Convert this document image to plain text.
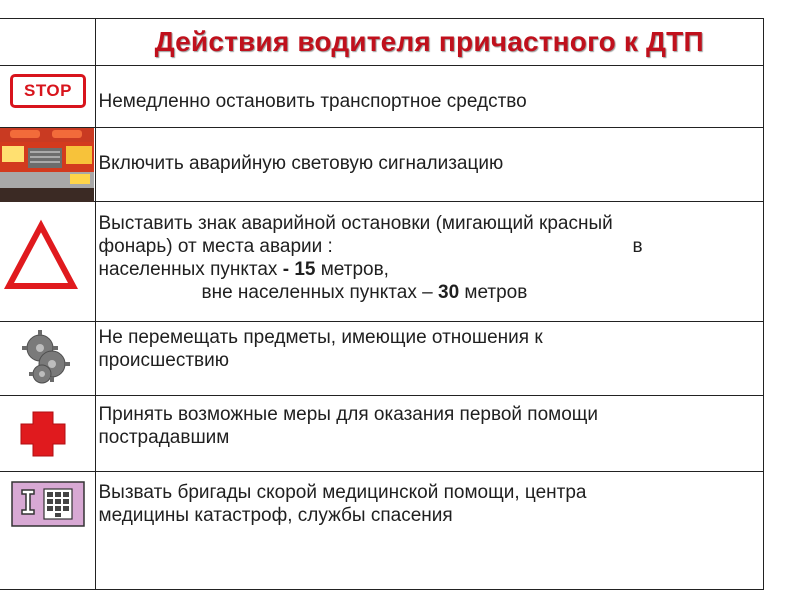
	Действия водителя причастного к ДТП

STOP	Немедленно остановить транспортное средство

Включить аварийную световую сигнализацию

Выставить знак аварийной остановки (мигающий красный
фонарь) от места аварии : в
населенных пунктах - 15 метров,
вне населенных пунктах – 30 метров

Не перемещать предметы, имеющие отношения к
происшествию

Принять возможные меры для оказания первой помощи
пострадавшим

Вызвать бригады скорой медицинской помощи, центра
медицины катастроф, службы спасения
